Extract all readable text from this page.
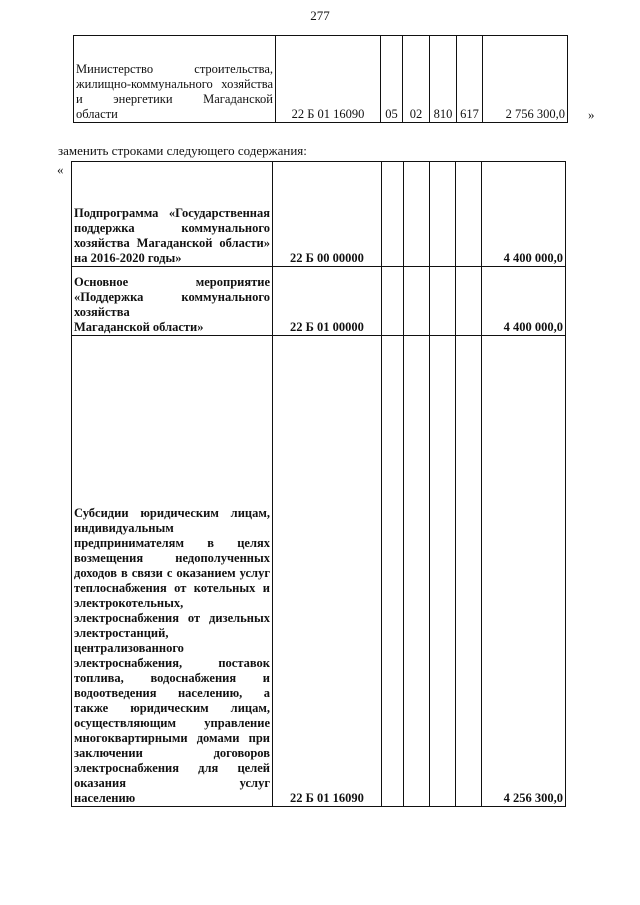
277
Министерство строительства, жилищно-коммунального хозяйства и энергетики Магаданской
области	22 Б 01 16090	05	02	810	617	2 756 300,0 »
заменить строками следующего содержания:
«
Подпрограмма «Государственная поддержка коммунального хозяйства Магаданской области»
на 2016-2020 годы»	22 Б 00 00000					4 400 000,0
Основное мероприятие «Поддержка коммунального хозяйства
Магаданской области»	22 Б 01 00000					4 400 000,0
Субсидии юридическим лицам, индивидуальным предпринимателям в целях возмещения недополученных доходов в связи с оказанием услуг теплоснабжения от котельных и электрокотельных, электроснабжения от дизельных электростанций, централизованного электроснабжения, поставок топлива, водоснабжения и водоотведения населению, а также юридическим лицам, осуществляющим управление многоквартирными домами при заключении договоров электроснабжения для целей оказания услуг
населению	22 Б 01 16090					4 256 300,0
